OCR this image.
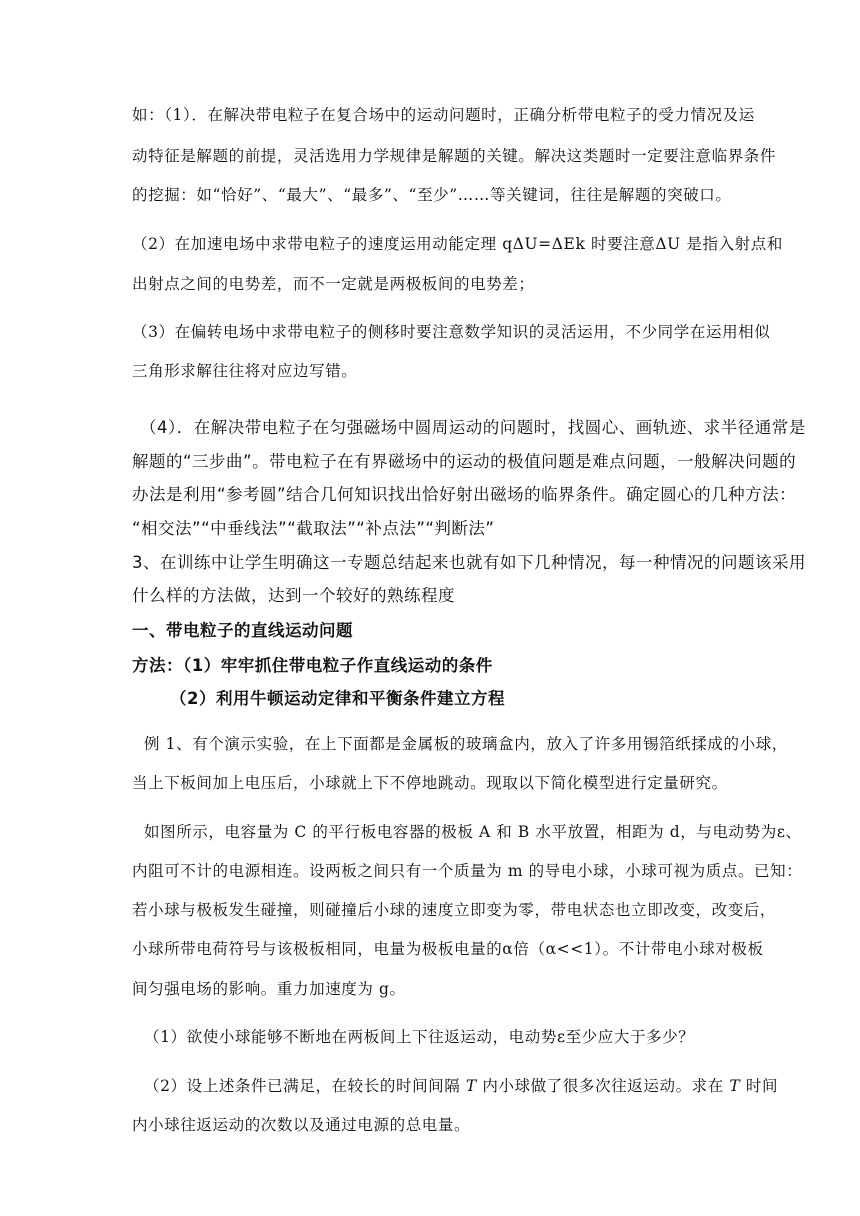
如：（1）．在解决带电粒子在复合场中的运动问题时，正确分析带电粒子的受力情况及运
动特征是解题的前提，灵活选用力学规律是解题的关键。解决这类题时一定要注意临界条件
的挖掘：如“恰好”、“最大”、“最多”、“至少”……等关键词，往往是解题的突破口。
（2）在加速电场中求带电粒子的速度运用动能定理 qΔU=ΔEk 时要注意ΔU 是指入射点和
出射点之间的电势差，而不一定就是两极板间的电势差；
（3）在偏转电场中求带电粒子的侧移时要注意数学知识的灵活运用，不少同学在运用相似
三角形求解往往将对应边写错。
（4）．在解决带电粒子在匀强磁场中圆周运动的问题时，找圆心、画轨迹、求半径通常是
解题的“三步曲”。带电粒子在有界磁场中的运动的极值问题是难点问题，一般解决问题的
办法是利用“参考圆”结合几何知识找出恰好射出磁场的临界条件。确定圆心的几种方法：
“相交法”“中垂线法”“截取法”“补点法”“判断法”
3、在训练中让学生明确这一专题总结起来也就有如下几种情况，每一种情况的问题该采用
什么样的方法做，达到一个较好的熟练程度
一、带电粒子的直线运动问题
方法：（1）牢牢抓住带电粒子作直线运动的条件
（2）利用牛顿运动定律和平衡条件建立方程
例 1、有个演示实验，在上下面都是金属板的玻璃盒内，放入了许多用锡箔纸揉成的小球，
当上下板间加上电压后，小球就上下不停地跳动。现取以下简化模型进行定量研究。
如图所示，电容量为 C 的平行板电容器的极板 A 和 B 水平放置，相距为 d，与电动势为ε、
内阻可不计的电源相连。设两板之间只有一个质量为 m 的导电小球，小球可视为质点。已知：
若小球与极板发生碰撞，则碰撞后小球的速度立即变为零，带电状态也立即改变，改变后，
小球所带电荷符号与该极板相同，电量为极板电量的α倍（α<<1）。不计带电小球对极板
间匀强电场的影响。重力加速度为 g。
（1）欲使小球能够不断地在两板间上下往返运动，电动势ε至少应大于多少？
（2）设上述条件已满足，在较长的时间间隔 T 内小球做了很多次往返运动。求在 T 时间
内小球往返运动的次数以及通过电源的总电量。
